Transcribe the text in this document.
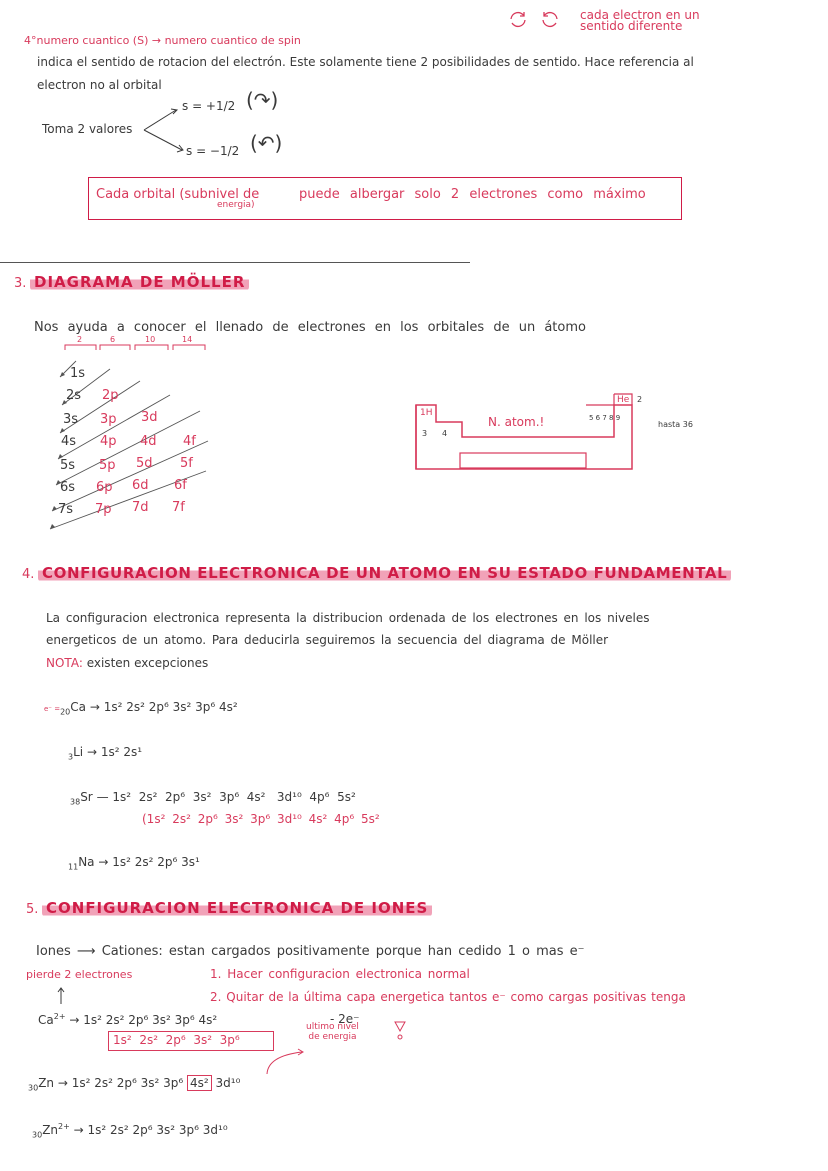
cada electron en un
sentido diferente
4°numero cuantico (S) → numero cuantico de spin
indica el sentido de rotacion del electrón. Este solamente tiene 2 posibilidades de sentido. Hace referencia al
electron no al orbital
Toma 2 valores
s = +1/2 (↷)
s = −1/2 (↶)
Cada orbital (subnivel de
energia)
puede albergar solo 2 electrones como máximo
3. DIAGRAMA DE MÖLLER
Nos ayuda a conocer el llenado de electrones en los orbitales de un átomo
2	6	10	14
1s
2s 2p
3s 3p 3d
4s 4p 4d 4f
5s 5p 5d 5f
6s 6p 6d 6f
7s 7p 7d 7f
1H
3 4
N. atom.!	5 6 7 8 9
He 2
hasta 36
4. CONFIGURACION ELECTRONICA DE UN ATOMO EN SU ESTADO FUNDAMENTAL
La configuracion electronica representa la distribucion ordenada de los electrones en los niveles
energeticos de un atomo. Para deducirla seguiremos la secuencia del diagrama de Möller
NOTA: existen excepciones
$e^- =_{20}Ca \to 1s^2$ 2s² 2p⁶ 3s² 3p⁶ 4s²
$_3$Li → 1s² 2s¹
$_{38}$Sr — 1s²  2s²  2p⁶  3s²  3p⁶  4s²   3d¹⁰  4p⁶  5s²
(1s² 2s² 2p⁶ 3s² 3p⁶ 3d¹⁰ 4s² 4p⁶ 5s²
$_{11}$Na → 1s² 2s² 2p⁶ 3s¹
5. CONFIGURACION ELECTRONICA DE IONES
Iones ⟶ Cationes: estan cargados positivamente porque han cedido 1 o mas e⁻
pierde 2 electrones	1. Hacer configuracion electronica normal
2. Quitar de la última capa energetica tantos e⁻ como cargas positivas tenga
$Ca^{2+} \to 1s^2$ 2s² 2p⁶ 3s² 3p⁶ 4s²	- 2e⁻
1s²  2s²  2p⁶  3s²  3p⁶
ultimo nivel
de energia
$_{30}$Zn → 1s² 2s² 2p⁶ 3s² 3p⁶ 4s² 3d¹⁰
$_{30}Zn^{2+} \to 1s^2$ 2s² 2p⁶ 3s² 3p⁶ 3d¹⁰
